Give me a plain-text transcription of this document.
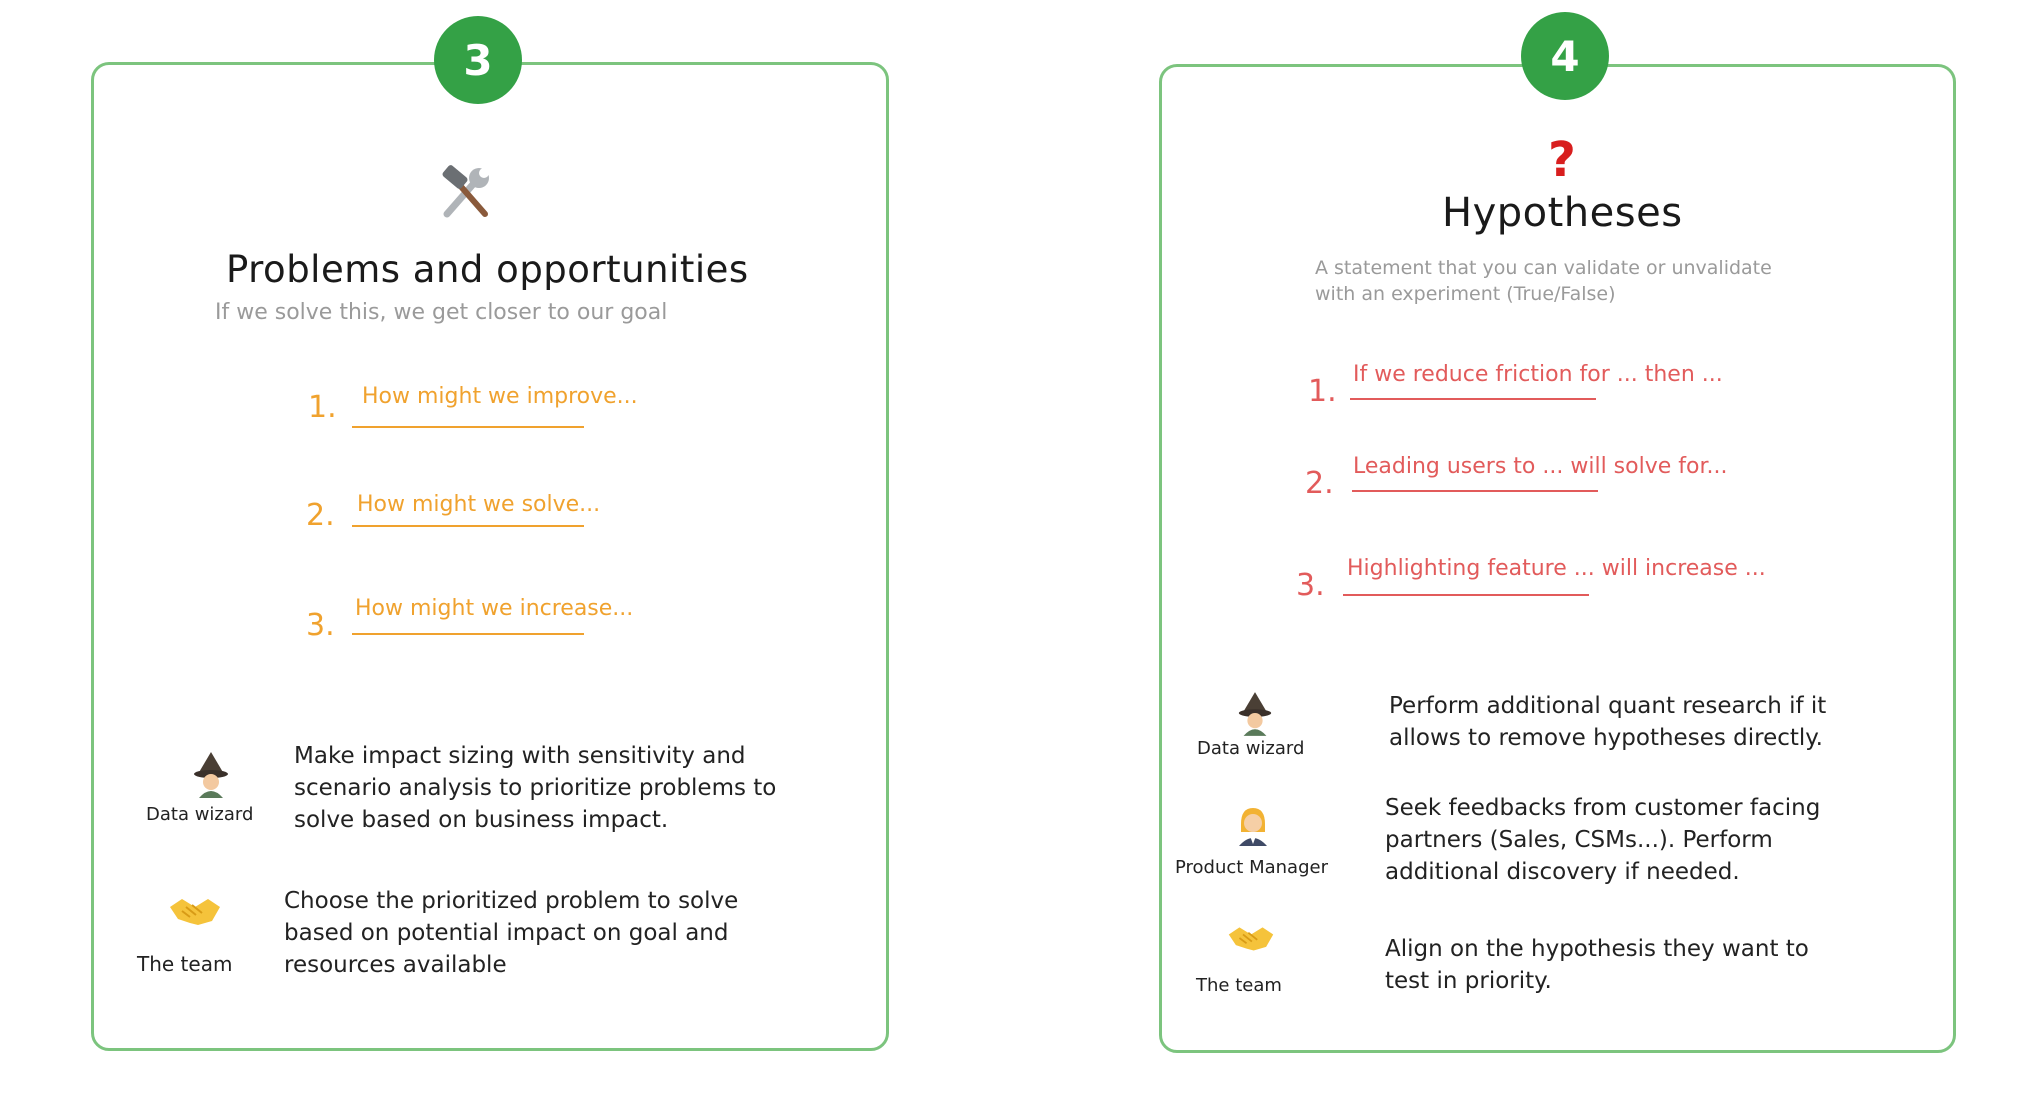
3	4
Problems and opportunities
If we solve this, we get closer to our goal
1. How might we improve...
2. How might we solve...
3. How might we increase...
Data wizard
Make impact sizing with sensitivity and
scenario analysis to prioritize problems to
solve based on business impact.
The team
Choose the prioritized problem to solve
based on potential impact on goal and
resources available
?
Hypotheses
A statement that you can validate or unvalidate
with an experiment (True/False)
1. If we reduce friction for ... then ...
2. Leading users to ... will solve for...
3. Highlighting feature ... will increase ...
Data wizard
Perform additional quant research if it
allows to remove hypotheses directly.
Product Manager
Seek feedbacks from customer facing
partners (Sales, CSMs...). Perform
additional discovery if needed.
The team
Align on the hypothesis they want to
test in priority.
